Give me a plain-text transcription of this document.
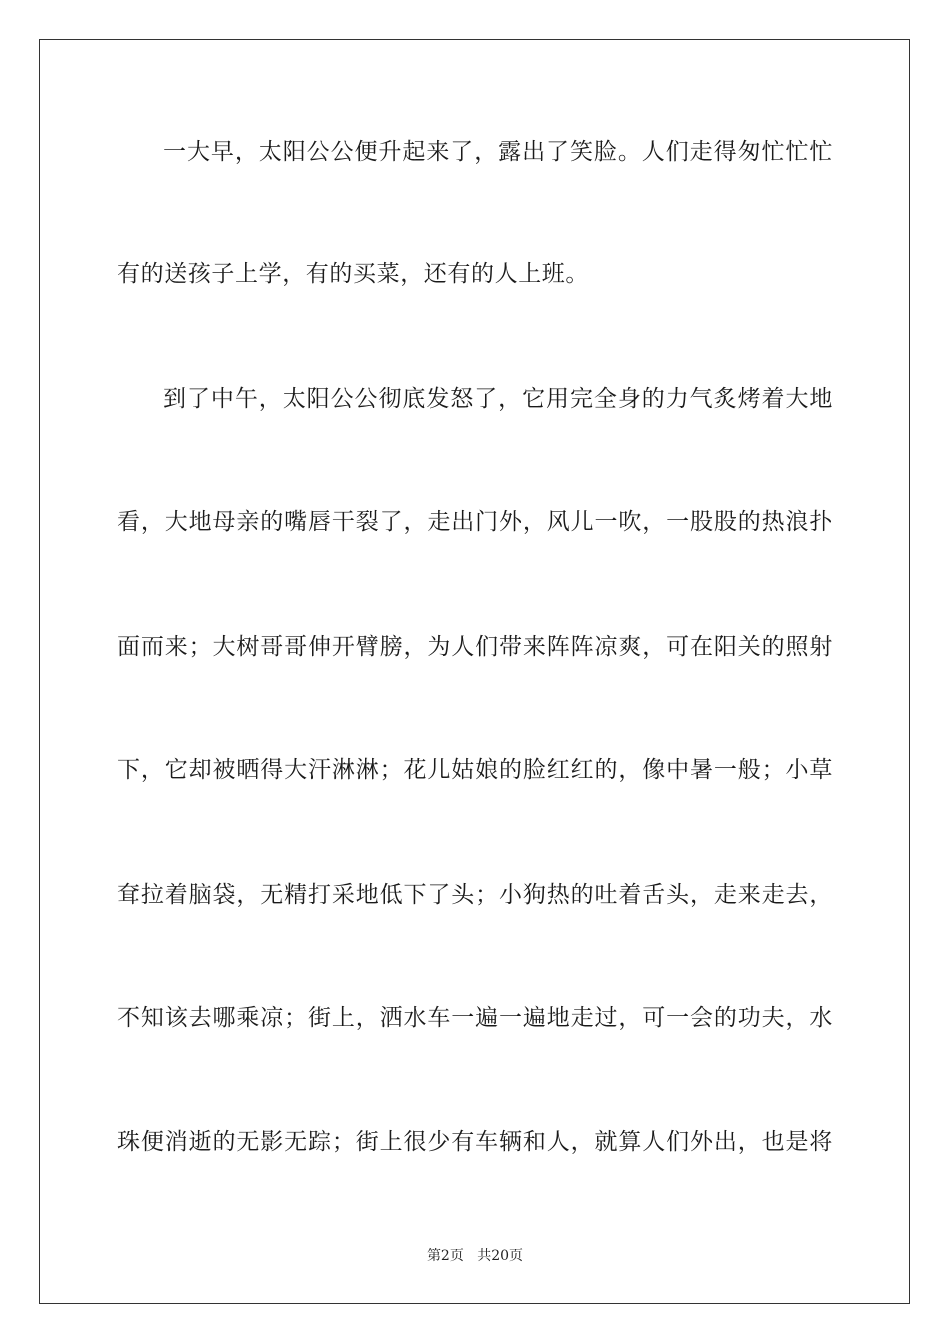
一大早，太阳公公便升起来了，露出了笑脸。人们走得匆忙忙忙
有的送孩子上学，有的买菜，还有的人上班。
到了中午，太阳公公彻底发怒了，它用完全身的力气炙烤着大地
看，大地母亲的嘴唇干裂了，走出门外，风儿一吹，一股股的热浪扑
面而来；大树哥哥伸开臂膀，为人们带来阵阵凉爽，可在阳关的照射
下，它却被晒得大汗淋淋；花儿姑娘的脸红红的，像中暑一般；小草
耷拉着脑袋，无精打采地低下了头；小狗热的吐着舌头，走来走去，
不知该去哪乘凉；街上，洒水车一遍一遍地走过，可一会的功夫，水
珠便消逝的无影无踪；街上很少有车辆和人，就算人们外出，也是将
第2页 共20页
